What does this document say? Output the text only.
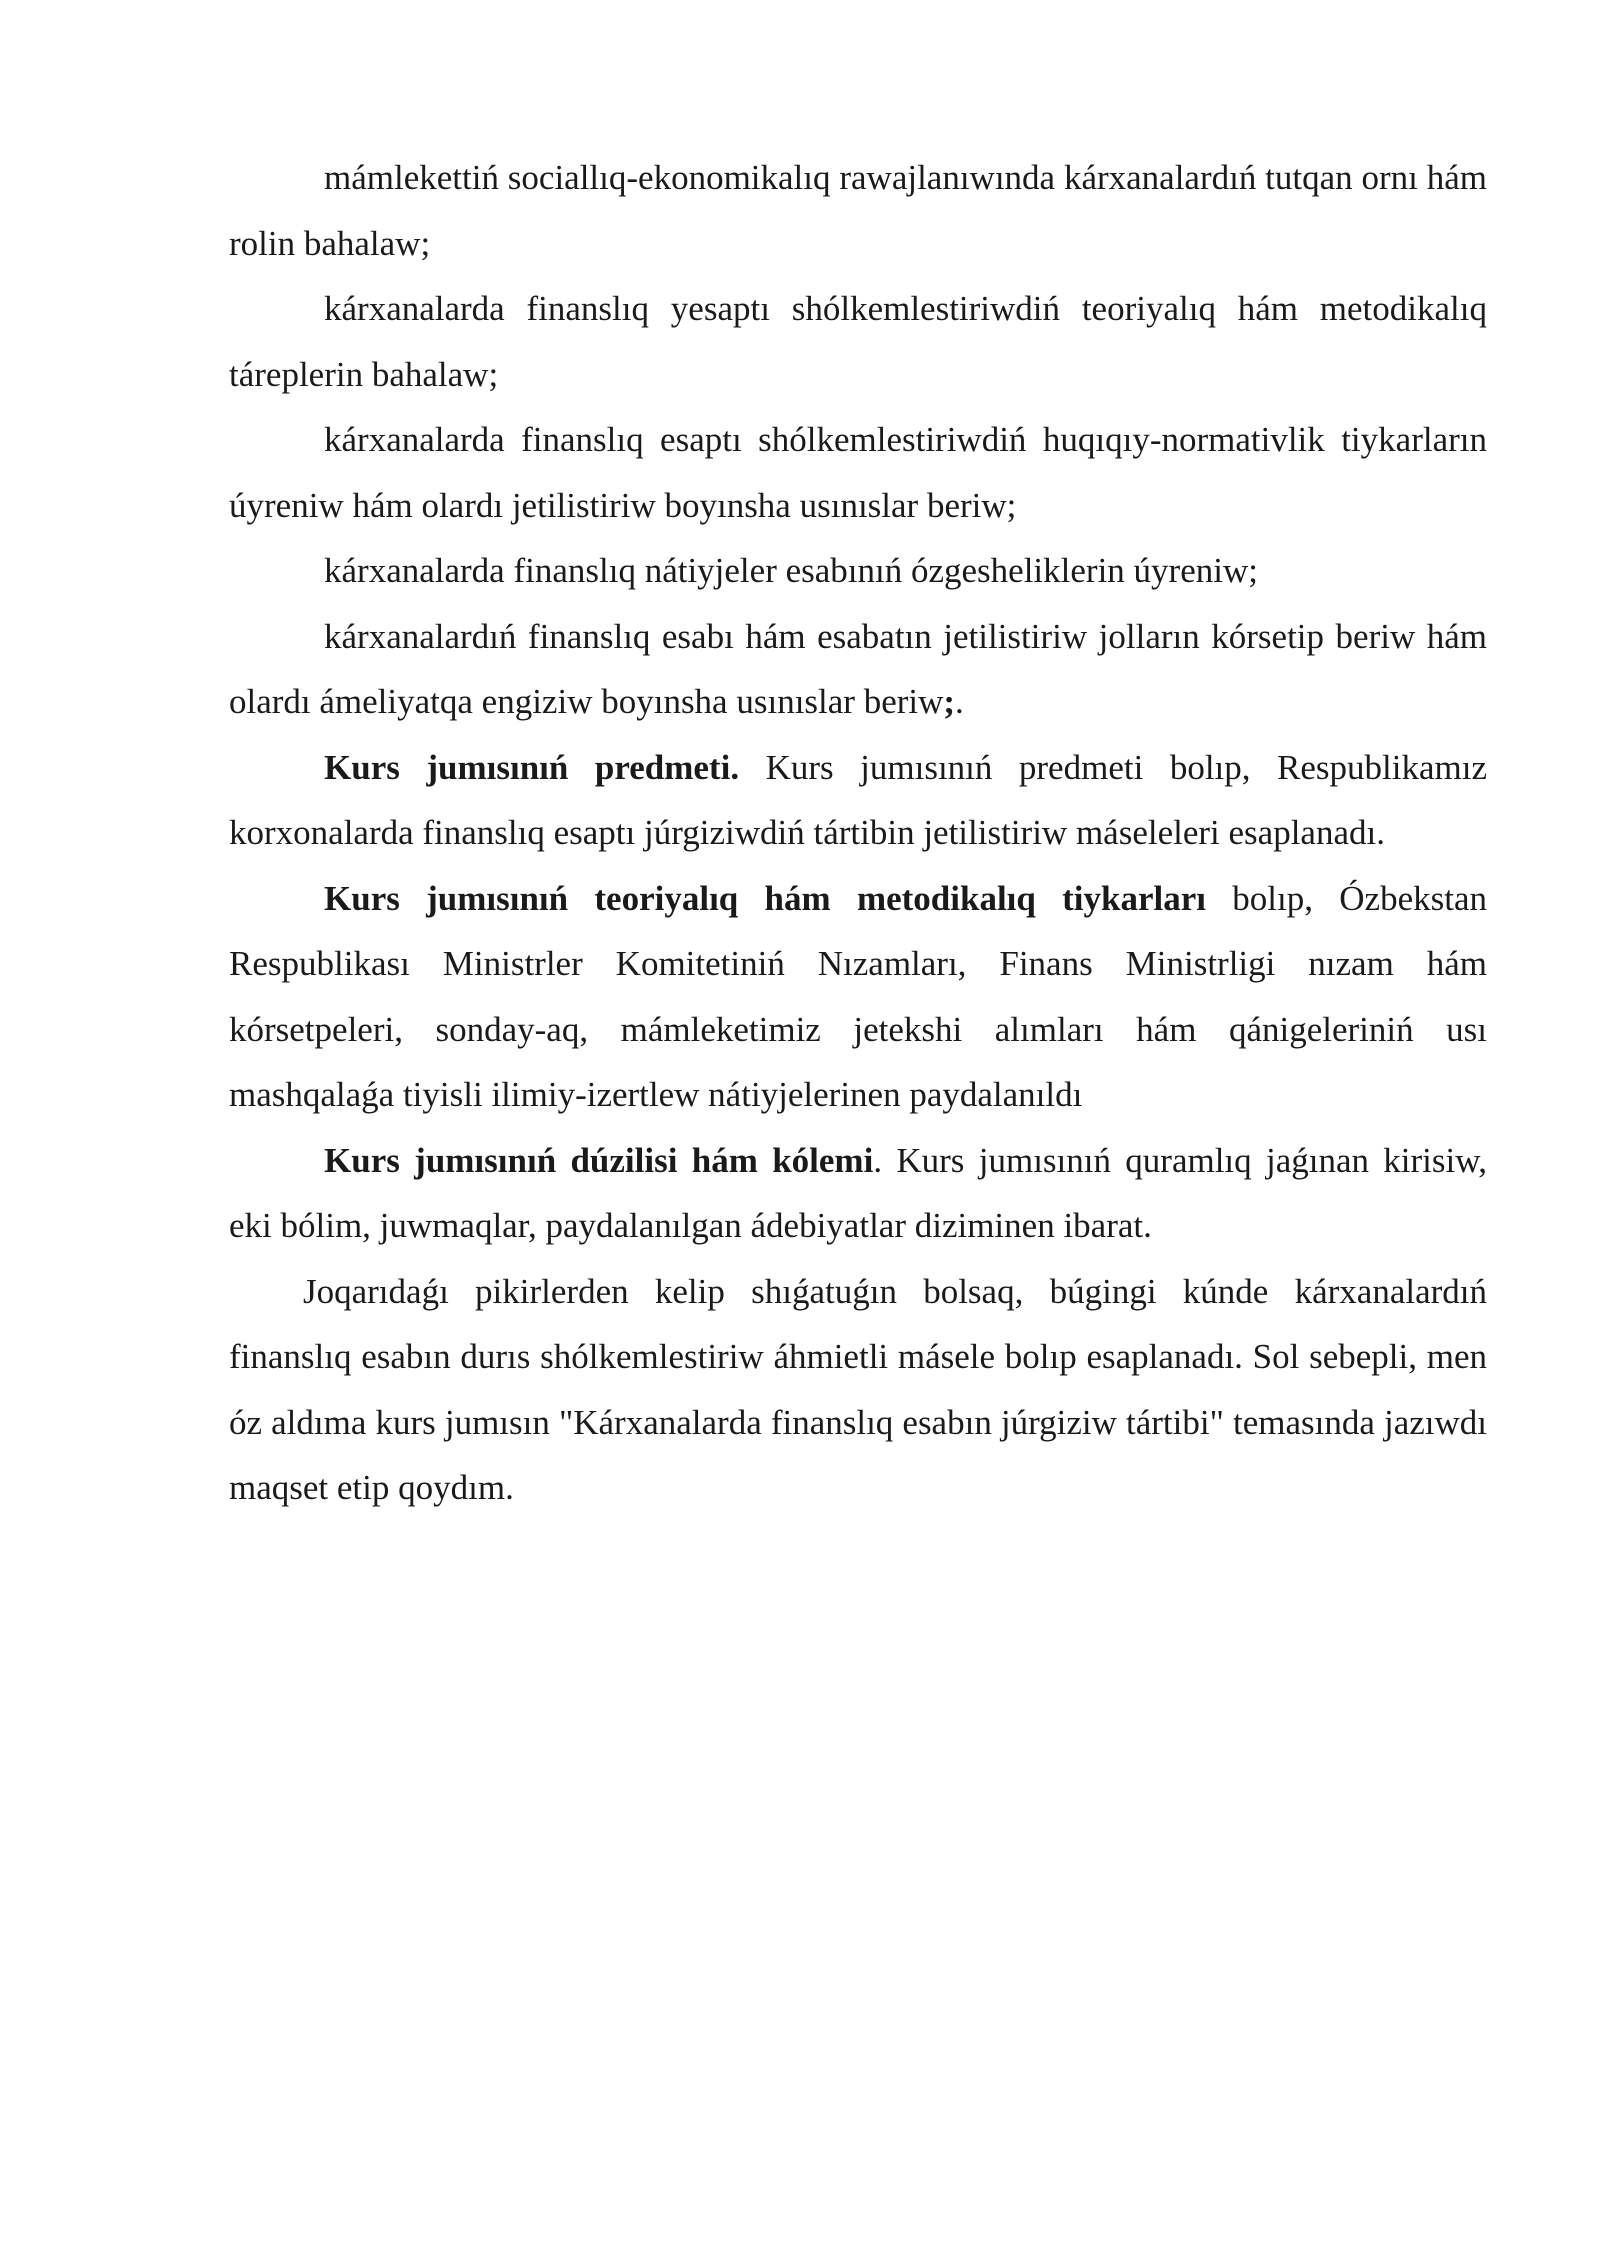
mámlekettiń sociallıq-ekonomikalıq rawajlanıwında kárxanalardıń tutqan ornı hám rolin bahalaw;

kárxanalarda finanslıq yesaptı shólkemlestiriwdiń teoriyalıq hám metodikalıq táreplerin bahalaw;

kárxanalarda finanslıq esaptı shólkemlestiriwdiń huqıqıy-normativlik tiykarların úyreniw hám olardı jetilistiriw boyınsha usınıslar beriw;

kárxanalarda finanslıq nátiyjeler esabınıń ózgesheliklerin úyreniw;

kárxanalardıń finanslıq esabı hám esabatın jetilistiriw jolların kórsetip beriw hám olardı ámeliyatqa engiziw boyınsha usınıslar beriw;.

Kurs jumısınıń predmeti. Kurs jumısınıń predmeti bolıp, Respublikamız korxonalarda finanslıq esaptı júrgiziwdiń tártibin jetilistiriw máseleleri esaplanadı.

Kurs jumısınıń teoriyalıq hám metodikalıq tiykarları bolıp, Ózbekstan Respublikası Ministrler Komitetiniń Nızamları, Finans Ministrligi nızam hám kórsetpeleri, sonday-aq, mámleketimiz jetekshi alımları hám qánigeleriniń usı mashqalaǵa tiyisli ilimiy-izertlew nátiyjelerinen paydalanıldı

Kurs jumısınıń dúzilisi hám kólemi. Kurs jumısınıń quramlıq jaǵınan kirisiw, eki bólim, juwmaqlar, paydalanılgan ádebiyatlar diziminen ibarat.

Joqarıdaǵı pikirlerden kelip shıǵatuǵın bolsaq, búgingi kúnde kárxanalardıń finanslıq esabın durıs shólkemlestiriw áhmietli másele bolıp esaplanadı. Sol sebepli, men óz aldıma kurs jumısın "Kárxanalarda finanslıq esabın júrgiziw tártibi" temasında jazıwdı maqset etip qoydım.
